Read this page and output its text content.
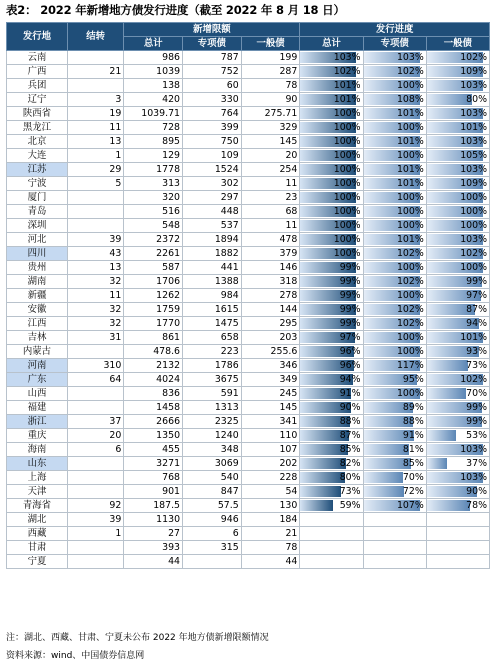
表2： 2022 年新增地方债发行进度（截至 2022 年 8 月 18 日）
发行地	结转	新增限额			发行进度		
		总计	专项债	一般债	总计	专项债	一般债
云南		986	787	199	103%	103%	102%

广西	21	1039	752	287	102%	102%	109%

兵团		138	60	78	101%	100%	103%

辽宁	3	420	330	90	101%	108%	80%

陕西省	19	1039.71	764	275.71	100%	101%	103%

黑龙江	11	728	399	329	100%	100%	101%

北京	13	895	750	145	100%	101%	103%

大连	1	129	109	20	100%	100%	105%

江苏	29	1778	1524	254	100%	101%	103%

宁波	5	313	302	11	100%	101%	109%

厦门		320	297	23	100%	100%	100%

青岛		516	448	68	100%	100%	100%

深圳		548	537	11	100%	100%	100%

河北	39	2372	1894	478	100%	101%	103%

四川	43	2261	1882	379	100%	102%	102%

贵州	13	587	441	146	99%	100%	100%

湖南	32	1706	1388	318	99%	102%	99%

新疆	11	1262	984	278	99%	100%	97%

安徽	32	1759	1615	144	99%	102%	87%

江西	32	1770	1475	295	99%	102%	94%

吉林	31	861	658	203	97%	100%	101%

内蒙古		478.6	223	255.6	96%	100%	93%

河南	310	2132	1786	346	96%	117%	73%

广东	64	4024	3675	349	94%	95%	102%

山西		836	591	245	91%	100%	70%

福建		1458	1313	145	90%	89%	99%

浙江	37	2666	2325	341	88%	88%	99%

重庆	20	1350	1240	110	87%	91%	53%

海南	6	455	348	107	85%	81%	103%

山东		3271	3069	202	82%	85%	37%

上海		768	540	228	80%	70%	103%

天津		901	847	54	73%	72%	90%

青海省	92	187.5	57.5	130	59%	107%	78%

湖北	39	1130	946	184			
西藏	1	27	6	21			
甘肃		393	315	78			
宁夏		44		44			
注：湖北、西藏、甘肃、宁夏未公布 2022 年地方债新增限额情况
资料来源：wind、中国债券信息网
